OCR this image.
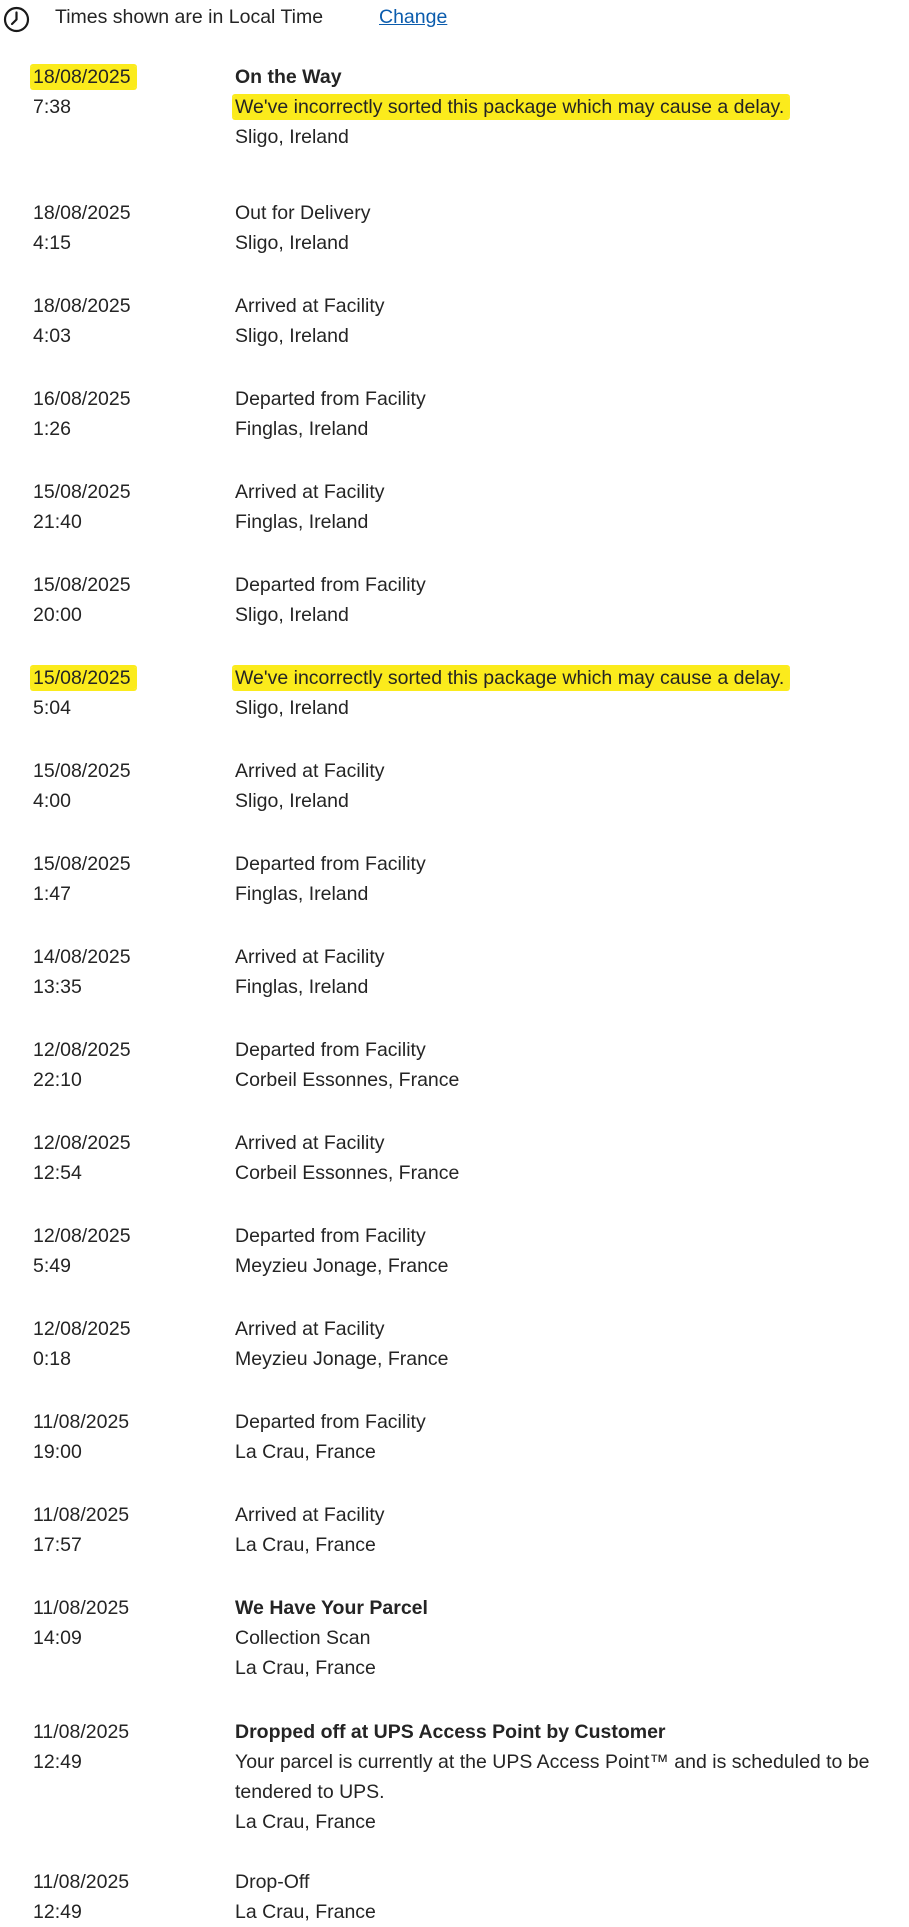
Times shown are in Local Time	Change
18/08/2025
7:38
On the Way
We've incorrectly sorted this package which may cause a delay.
Sligo, Ireland
18/08/2025
4:15
Out for Delivery
Sligo, Ireland
18/08/2025
4:03
Arrived at Facility
Sligo, Ireland
16/08/2025
1:26
Departed from Facility
Finglas, Ireland
15/08/2025
21:40
Arrived at Facility
Finglas, Ireland
15/08/2025
20:00
Departed from Facility
Sligo, Ireland
15/08/2025
5:04
We've incorrectly sorted this package which may cause a delay.
Sligo, Ireland
15/08/2025
4:00
Arrived at Facility
Sligo, Ireland
15/08/2025
1:47
Departed from Facility
Finglas, Ireland
14/08/2025
13:35
Arrived at Facility
Finglas, Ireland
12/08/2025
22:10
Departed from Facility
Corbeil Essonnes, France
12/08/2025
12:54
Arrived at Facility
Corbeil Essonnes, France
12/08/2025
5:49
Departed from Facility
Meyzieu Jonage, France
12/08/2025
0:18
Arrived at Facility
Meyzieu Jonage, France
11/08/2025
19:00
Departed from Facility
La Crau, France
11/08/2025
17:57
Arrived at Facility
La Crau, France
11/08/2025
14:09
We Have Your Parcel
Collection Scan
La Crau, France
11/08/2025
12:49
Dropped off at UPS Access Point by Customer
Your parcel is currently at the UPS Access Point™ and is scheduled to be tendered to UPS.
La Crau, France
11/08/2025
12:49
Drop-Off
La Crau, France
